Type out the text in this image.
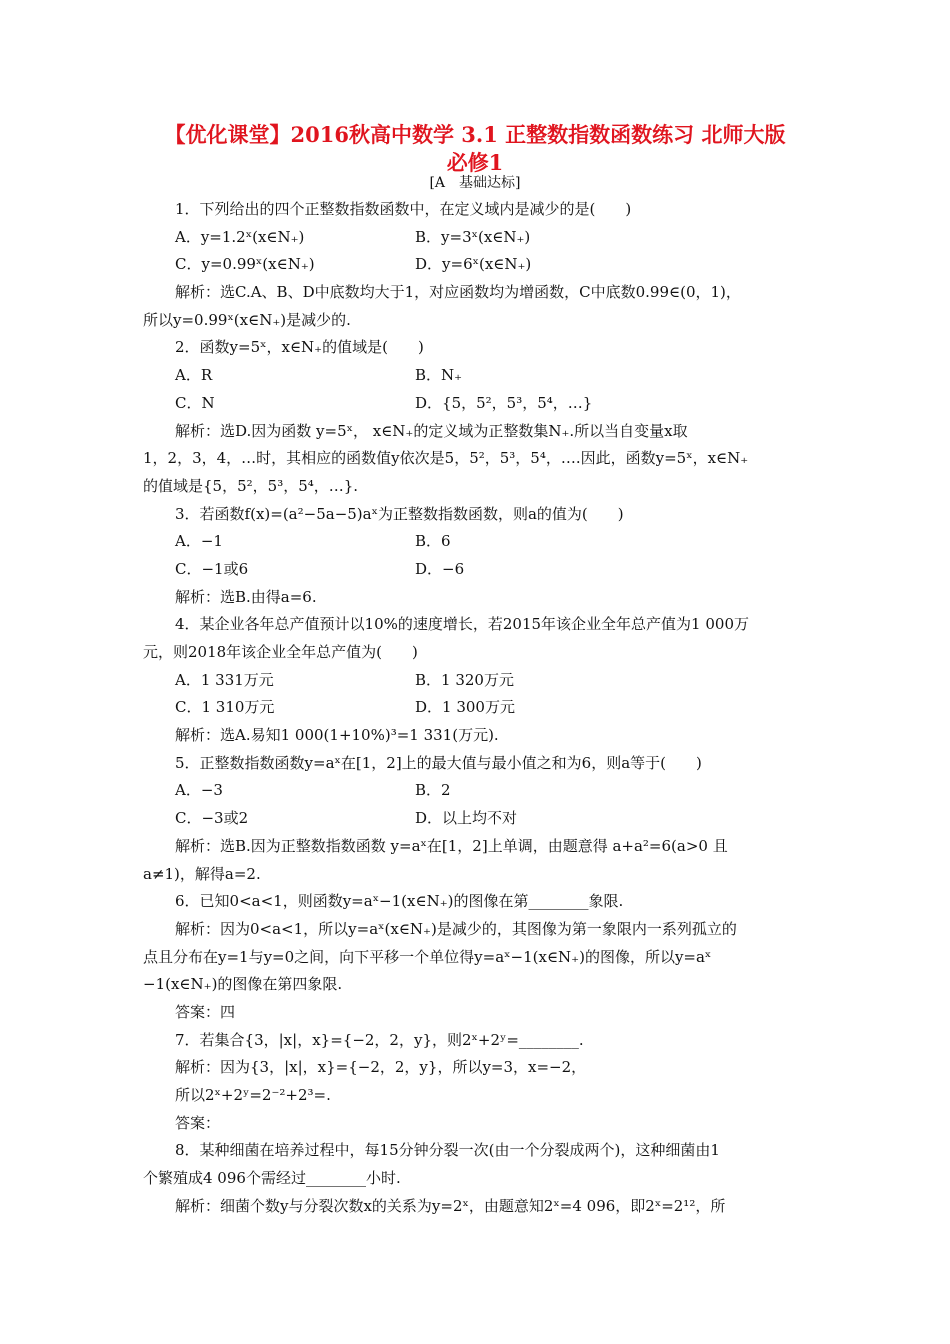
【优化课堂】2016秋高中数学 3.1 正整数指数函数练习 北师大版
必修1
[A　基础达标]
1．下列给出的四个正整数指数函数中，在定义域内是减少的是(　　)
A．y=1.2ˣ(x∈N₊)	B．y=3ˣ(x∈N₊)
C．y=0.99ˣ(x∈N₊)	D．y=6ˣ(x∈N₊)
解析：选C.A、B、D中底数均大于1，对应函数均为增函数，C中底数0.99∈(0，1)，
所以y=0.99ˣ(x∈N₊)是减少的.
2．函数y=5ˣ，x∈N₊的值域是(　　)
A．R	B．N₊
C．N	D．{5，5²，5³，5⁴，…}
解析：选D.因为函数 y=5ˣ， x∈N₊的定义域为正整数集N₊.所以当自变量x取
1，2，3，4，…时，其相应的函数值y依次是5，5²，5³，5⁴，….因此，函数y=5ˣ，x∈N₊
的值域是{5，5²，5³，5⁴，…}.
3．若函数f(x)=(a²−5a−5)aˣ为正整数指数函数，则a的值为(　　)
A．−1	B．6
C．−1或6	D．−6
解析：选B.由得a=6.
4．某企业各年总产值预计以10%的速度增长，若2015年该企业全年总产值为1 000万
元，则2018年该企业全年总产值为(　　)
A．1 331万元	B．1 320万元
C．1 310万元	D．1 300万元
解析：选A.易知1 000(1+10%)³=1 331(万元).
5．正整数指数函数y=aˣ在[1，2]上的最大值与最小值之和为6，则a等于(　　)
A．−3	B．2
C．−3或2	D．以上均不对
解析：选B.因为正整数指数函数 y=aˣ在[1，2]上单调，由题意得 a+a²=6(a>0 且
a≠1)，解得a=2.
6．已知0<a<1，则函数y=aˣ−1(x∈N₊)的图像在第________象限.
解析：因为0<a<1，所以y=aˣ(x∈N₊)是减少的，其图像为第一象限内一系列孤立的
点且分布在y=1与y=0之间，向下平移一个单位得y=aˣ−1(x∈N₊)的图像，所以y=aˣ
−1(x∈N₊)的图像在第四象限.
答案：四
7．若集合{3，|x|，x}={−2，2，y}，则2ˣ+2ʸ=________.
解析：因为{3，|x|，x}={−2，2，y}，所以y=3，x=−2，
所以2ˣ+2ʸ=2⁻²+2³=.
答案：
8．某种细菌在培养过程中，每15分钟分裂一次(由一个分裂成两个)，这种细菌由1
个繁殖成4 096个需经过________小时.
解析：细菌个数y与分裂次数x的关系为y=2ˣ，由题意知2ˣ=4 096，即2ˣ=2¹²，所
